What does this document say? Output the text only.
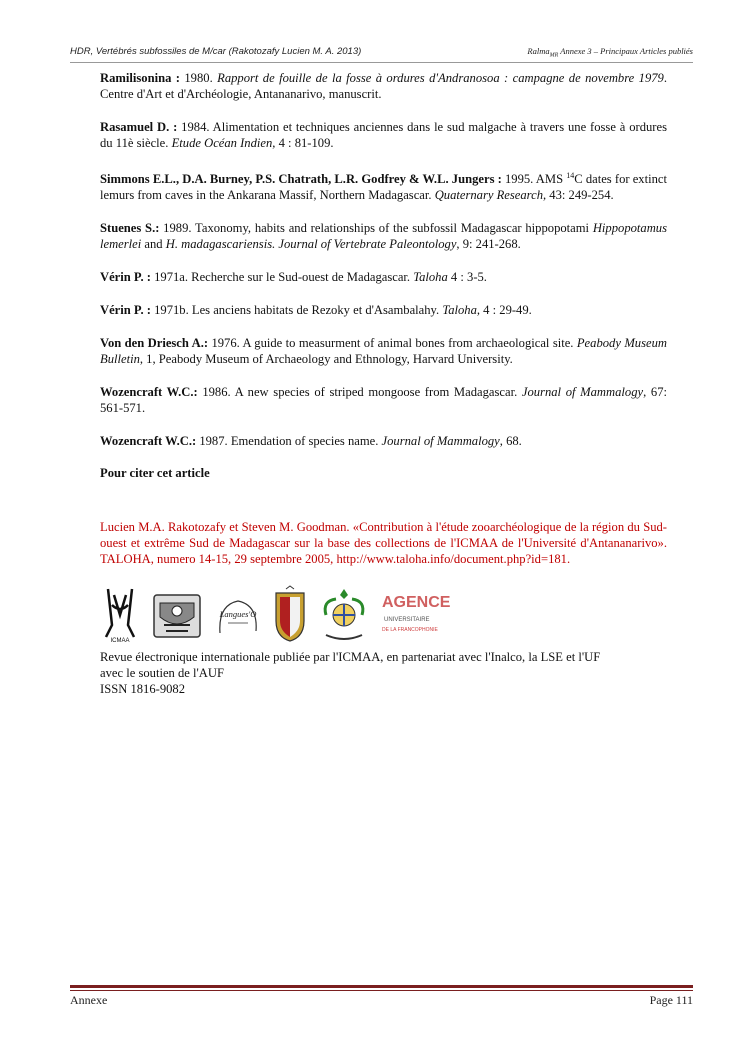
HDR, Vertébrés subfossiles de M/car (Rakotozafy Lucien M. A. 2013)	Ralma$_{MR}$ Annexe 3 – Principaux Articles publiés

Ramilisonina : 1980. Rapport de fouille de la fosse à ordures d'Andranosoa : campagne de novembre 1979. Centre d'Art et d'Archéologie, Antananarivo, manuscrit.

Rasamuel D. : 1984. Alimentation et techniques anciennes dans le sud malgache à travers une fosse à ordures du 11è siècle. Etude Océan Indien, 4 : 81-109.

Simmons E.L., D.A. Burney, P.S. Chatrath, L.R. Godfrey & W.L. Jungers : 1995. AMS $^{14}$C dates for extinct lemurs from caves in the Ankarana Massif, Northern Madagascar. Quaternary Research, 43: 249-254.

Stuenes S.: 1989. Taxonomy, habits and relationships of the subfossil Madagascar hippopotami Hippopotamus lemerlei and H. madagascariensis. Journal of Vertebrate Paleontology, 9: 241-268.

Vérin P. : 1971a. Recherche sur le Sud-ouest de Madagascar. Taloha 4 : 3-5.

Vérin P. : 1971b. Les anciens habitats de Rezoky et d'Asambalahy. Taloha, 4 : 29-49.

Von den Driesch A.: 1976. A guide to measurment of animal bones from archaeological site. Peabody Museum Bulletin, 1, Peabody Museum of Archaeology and Ethnology, Harvard University.

Wozencraft W.C.: 1986. A new species of striped mongoose from Madagascar. Journal of Mammalogy, 67: 561-571.

Wozencraft W.C.: 1987. Emendation of species name. Journal of Mammalogy, 68.

Pour citer cet article

Lucien M.A. Rakotozafy et Steven M. Goodman. «Contribution à l'étude zooarchéologique de la région du Sud-ouest et extrême Sud de Madagascar sur la base des collections de l'ICMAA de l'Université d'Antananarivo». TALOHA, numero 14-15, 29 septembre 2005, http://www.taloha.info/document.php?id=181.

ICMAA
Langues'O
AGENCE
UNIVERSITAIRE
DE LA FRANCOPHONIE

Revue électronique internationale publiée par l'ICMAA, en partenariat avec l'Inalco, la LSE et l'UF

avec le soutien de l'AUF

ISSN 1816-9082

Annexe	Page 111
